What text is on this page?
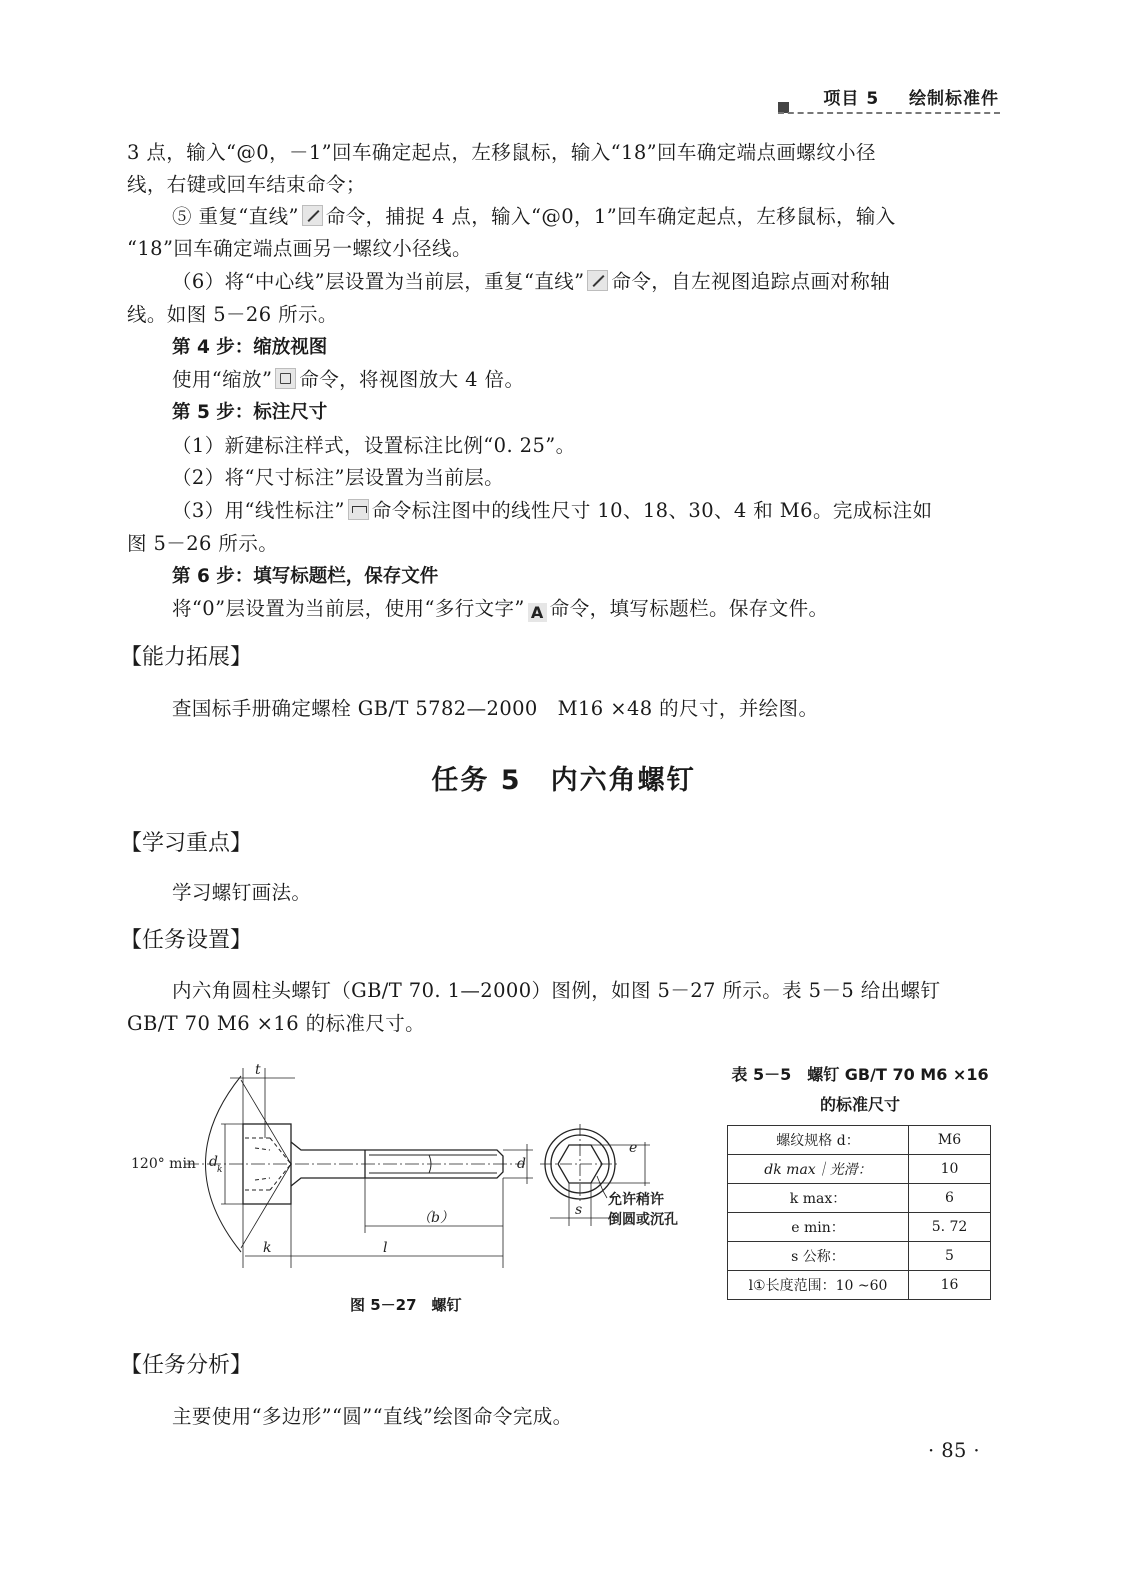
项目 5 绘制标准件
3 点，输入“@0，－1”回车确定起点，左移鼠标，输入“18”回车确定端点画螺纹小径
线，右键或回车结束命令；
⑤ 重复“直线” 命令，捕捉 4 点，输入“@0，1”回车确定起点，左移鼠标，输入
“18”回车确定端点画另一螺纹小径线。
（6）将“中心线”层设置为当前层，重复“直线” 命令，自左视图追踪点画对称轴
线。如图 5－26 所示。
第 4 步：缩放视图
使用“缩放” 命令，将视图放大 4 倍。
第 5 步：标注尺寸
（1）新建标注样式，设置标注比例“0. 25”。
（2）将“尺寸标注”层设置为当前层。
（3）用“线性标注” 命令标注图中的线性尺寸 10、18、30、4 和 M6。完成标注如
图 5－26 所示。
第 6 步：填写标题栏，保存文件
将“0”层设置为当前层，使用“多行文字” A 命令，填写标题栏。保存文件。
【能力拓展】
查国标手册确定螺栓 GB/T 5782—2000　M16 ×48 的尺寸，并绘图。
任务 5　内六角螺钉
【学习重点】
学习螺钉画法。
【任务设置】
内六角圆柱头螺钉（GB/T 70. 1—2000）图例，如图 5－27 所示。表 5－5 给出螺钉
GB/T 70 M6 ×16 的标准尺寸。
t
120° min d k	d
（b）
k	l
e
s
允许稍许
倒圆或沉孔
图 5－27　螺钉
表 5－5　螺钉 GB/T 70 M6 ×16
的标准尺寸
螺纹规格 d：	M6
dk max｜光滑：	10
k max：	6
e min：	5. 72
s 公称：	5
l①长度范围：10 ~60	16
【任务分析】
主要使用“多边形”“圆”“直线”绘图命令完成。
· 85 ·
